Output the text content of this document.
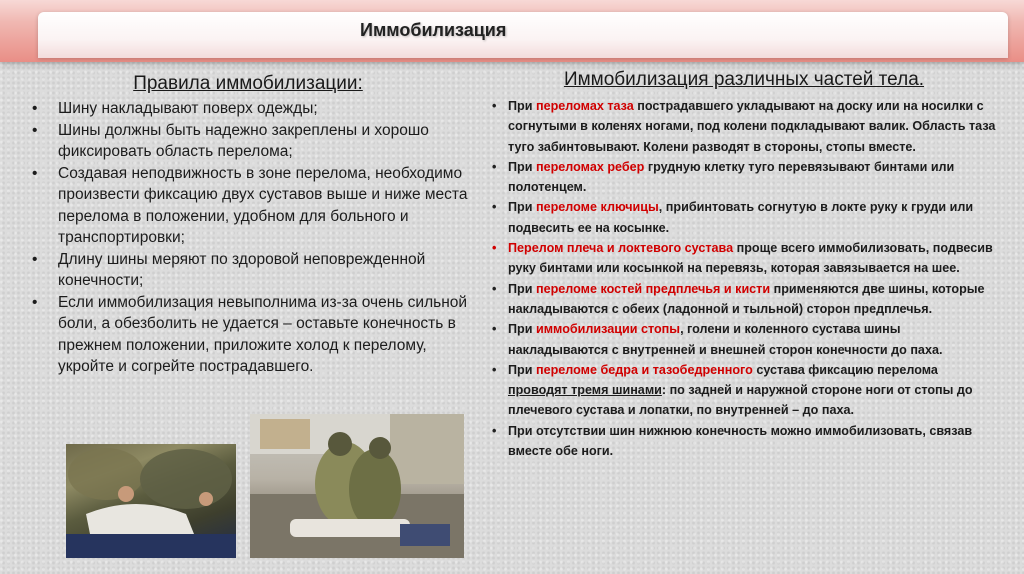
Иммобилизация
Правила иммобилизации:
• Шину накладывают поверх одежды;
• Шины должны быть надежно закреплены и хорошо фиксировать область перелома;
• Создавая неподвижность в зоне перелома, необходимо произвести фиксацию двух суставов выше и ниже места перелома в положении, удобном для больного и транспортировки;
• Длину шины меряют по здоровой неповрежденной конечности;
• Если иммобилизация невыполнима из-за очень сильной боли, а обезболить не удается – оставьте конечность в прежнем положении, приложите холод к перелому, укройте и согрейте пострадавшего.
Иммобилизация различных частей тела.
• При переломах таза пострадавшего укладывают на доску или на носилки с согнутыми в коленях ногами, под колени подкладывают валик. Область таза туго забинтовывают. Колени разводят в стороны, стопы вместе.
• При переломах ребер грудную клетку туго перевязывают бинтами или полотенцем.
• При переломе ключицы, прибинтовать согнутую в локте руку к груди или подвесить ее на косынке.
• Перелом плеча и локтевого сустава проще всего иммобилизовать, подвесив руку бинтами или косынкой на перевязь, которая завязывается на шее.
• При переломе костей предплечья и кисти применяются две шины, которые накладываются с обеих (ладонной и тыльной) сторон предплечья.
• При иммобилизации стопы, голени и коленного сустава шины накладываются с внутренней и внешней сторон конечности до паха.
• При переломе бедра и тазобедренного сустава фиксацию перелома проводят тремя шинами: по задней и наружной стороне ноги от стопы до плечевого сустава и лопатки, по внутренней – до паха.
• При отсутствии шин нижнюю конечность можно иммобилизовать, связав вместе обе ноги.
